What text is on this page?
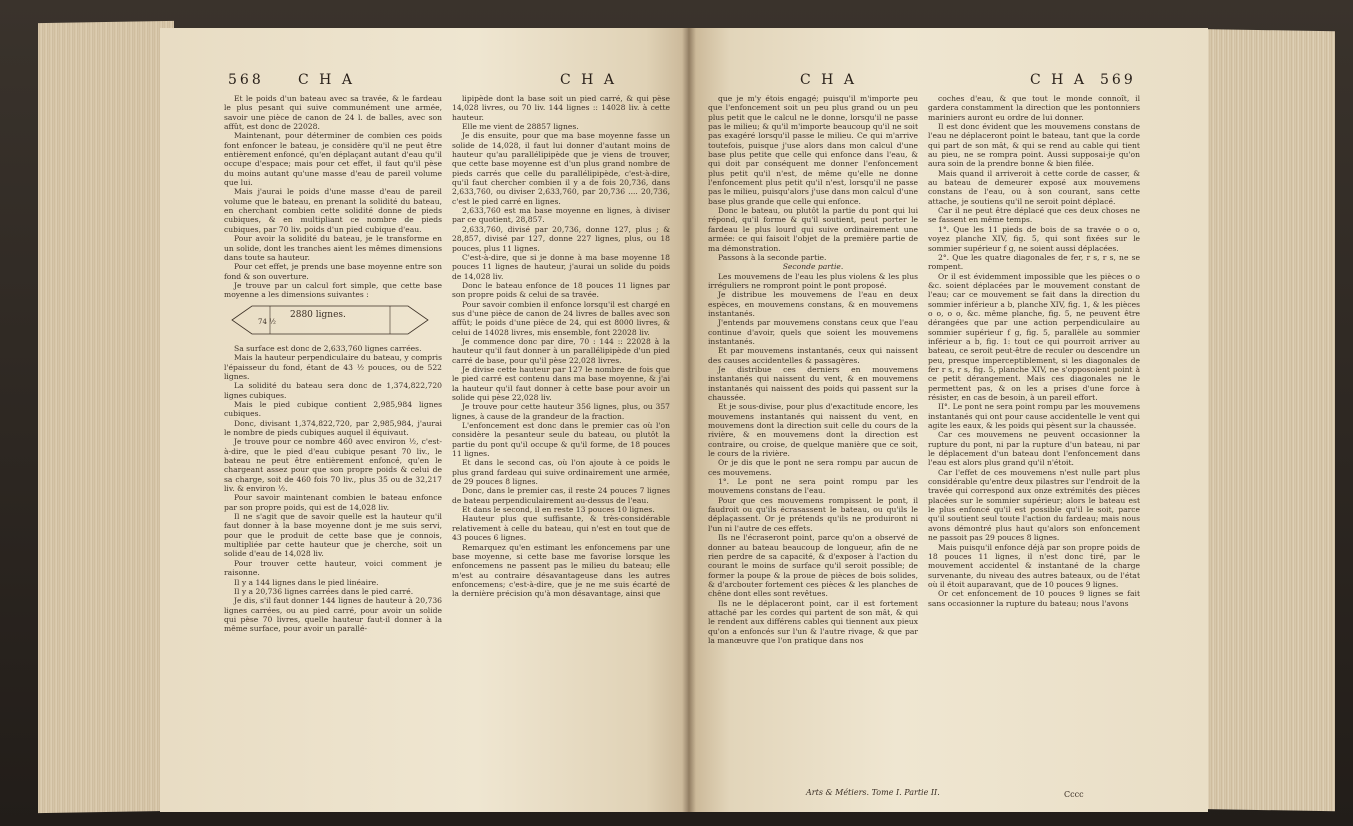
568 C H A	C H A

Et le poids d'un bateau avec sa travée, & le fardeau le plus pesant qui suive communément une armée, savoir une pièce de canon de 24 l. de balles, avec son affût, est donc de 22028.

Maintenant, pour déterminer de combien ces poids font enfoncer le bateau, je considère qu'il ne peut être entièrement enfoncé, qu'en déplaçant autant d'eau qu'il occupe d'espace; mais pour cet effet, il faut qu'il pèse du moins autant qu'une masse d'eau de pareil volume que lui.

Mais j'aurai le poids d'une masse d'eau de pareil volume que le bateau, en prenant la solidité du bateau, en cherchant combien cette solidité donne de pieds cubiques, & en multipliant ce nombre de pieds cubiques, par 70 liv. poids d'un pied cubique d'eau.

Pour avoir la solidité du bateau, je le transforme en un solide, dont les tranches aient les mêmes dimensions dans toute sa hauteur.

Pour cet effet, je prends une base moyenne entre son fond & son ouverture.

Je trouve par un calcul fort simple, que cette base moyenne a les dimensions suivantes :

2880 lignes.
74 ½

Sa surface est donc de 2,633,760 lignes carrées.

Mais la hauteur perpendiculaire du bateau, y compris l'épaisseur du fond, étant de 43 ½ pouces, ou de 522 lignes.

La solidité du bateau sera donc de 1,374,822,720 lignes cubiques.

Mais le pied cubique contient 2,985,984 lignes cubiques.

Donc, divisant 1,374,822,720, par 2,985,984, j'aurai le nombre de pieds cubiques auquel il équivaut.

Je trouve pour ce nombre 460 avec environ ½, c'est-à-dire, que le pied d'eau cubique pesant 70 liv., le bateau ne peut être entièrement enfoncé, qu'en le chargeant assez pour que son propre poids & celui de sa charge, soit de 460 fois 70 liv., plus 35 ou de 32,217 liv. & environ ½.

Pour savoir maintenant combien le bateau enfonce par son propre poids, qui est de 14,028 liv.

Il ne s'agit que de savoir quelle est la hauteur qu'il faut donner à la base moyenne dont je me suis servi, pour que le produit de cette base que je connois, multipliée par cette hauteur que je cherche, soit un solide d'eau de 14,028 liv.

Pour trouver cette hauteur, voici comment je raisonne.

Il y a 144 lignes dans le pied linéaire.

Il y a 20,736 lignes carrées dans le pied carré.

Je dis, s'il faut donner 144 lignes de hauteur à 20,736 lignes carrées, ou au pied carré, pour avoir un solide qui pèse 70 livres, quelle hauteur faut-il donner à la même surface, pour avoir un parallé-

lipipède dont la base soit un pied carré, & qui pèse 14,028 livres, ou 70 liv. 144 lignes :: 14028 liv. à cette hauteur.

Elle me vient de 28857 lignes.

Je dis ensuite, pour que ma base moyenne fasse un solide de 14,028, il faut lui donner d'autant moins de hauteur qu'au parallélipipède que je viens de trouver, que cette base moyenne est d'un plus grand nombre de pieds carrés que celle du parallélipipède, c'est-à-dire, qu'il faut chercher combien il y a de fois 20,736, dans 2,633,760, ou diviser 2,633,760, par 20,736 .... 20,736, c'est le pied carré en lignes.

2,633,760 est ma base moyenne en lignes, à diviser par ce quotient, 28,857.

2,633,760, divisé par 20,736, donne 127, plus ; & 28,857, divisé par 127, donne 227 lignes, plus, ou 18 pouces, plus 11 lignes.

C'est-à-dire, que si je donne à ma base moyenne 18 pouces 11 lignes de hauteur, j'aurai un solide du poids de 14,028 liv.

Donc le bateau enfonce de 18 pouces 11 lignes par son propre poids & celui de sa travée.

Pour savoir combien il enfonce lorsqu'il est chargé en sus d'une pièce de canon de 24 livres de balles avec son affût; le poids d'une pièce de 24, qui est 8000 livres, & celui de 14028 livres, mis ensemble, font 22028 liv.

Je commence donc par dire, 70 : 144 :: 22028 à la hauteur qu'il faut donner à un parallélipipède d'un pied carré de base, pour qu'il pèse 22,028 livres.

Je divise cette hauteur par 127 le nombre de fois que le pied carré est contenu dans ma base moyenne, & j'ai la hauteur qu'il faut donner à cette base pour avoir un solide qui pèse 22,028 liv.

Je trouve pour cette hauteur 356 lignes, plus, ou 357 lignes, à cause de la grandeur de la fraction.

L'enfoncement est donc dans le premier cas où l'on considère la pesanteur seule du bateau, ou plutôt la partie du pont qu'il occupe & qu'il forme, de 18 pouces 11 lignes.

Et dans le second cas, où l'on ajoute à ce poids le plus grand fardeau qui suive ordinairement une armée, de 29 pouces 8 lignes.

Donc, dans le premier cas, il reste 24 pouces 7 lignes de bateau perpendiculairement au-dessus de l'eau.

Et dans le second, il en reste 13 pouces 10 lignes.

Hauteur plus que suffisante, & très-considérable relativement à celle du bateau, qui n'est en tout que de 43 pouces 6 lignes.

Remarquez qu'en estimant les enfoncemens par une base moyenne, si cette base me favorise lorsque les enfoncemens ne passent pas le milieu du bateau; elle m'est au contraire désavantageuse dans les autres enfoncemens; c'est-à-dire, que je ne me suis écarté de la dernière précision qu'à mon désavantage, ainsi que

C H A	C H A 569

que je m'y étois engagé; puisqu'il m'importe peu que l'enfoncement soit un peu plus grand ou un peu plus petit que le calcul ne le donne, lorsqu'il ne passe pas le milieu; & qu'il m'importe beaucoup qu'il ne soit pas exagéré lorsqu'il passe le milieu. Ce qui m'arrive toutefois, puisque j'use alors dans mon calcul d'une base plus petite que celle qui enfonce dans l'eau, & qui doit par conséquent me donner l'enfoncement plus petit qu'il n'est, de même qu'elle ne donne l'enfoncement plus petit qu'il n'est, lorsqu'il ne passe pas le milieu, puisqu'alors j'use dans mon calcul d'une base plus grande que celle qui enfonce.

Donc le bateau, ou plutôt la partie du pont qui lui répond, qu'il forme & qu'il soutient, peut porter le fardeau le plus lourd qui suive ordinairement une armée: ce qui faisoit l'objet de la première partie de ma démonstration.

Passons à la seconde partie.

Seconde partie.

Les mouvemens de l'eau les plus violens & les plus irréguliers ne rompront point le pont proposé.

Je distribue les mouvemens de l'eau en deux espèces, en mouvemens constans, & en mouvemens instantanés.

J'entends par mouvemens constans ceux que l'eau continue d'avoir, quels que soient les mouvemens instantanés.

Et par mouvemens instantanés, ceux qui naissent des causes accidentelles & passagères.

Je distribue ces derniers en mouvemens instantanés qui naissent du vent, & en mouvemens instantanés qui naissent des poids qui passent sur la chaussée.

Et je sous-divise, pour plus d'exactitude encore, les mouvemens instantanés qui naissent du vent, en mouvemens dont la direction suit celle du cours de la rivière, & en mouvemens dont la direction est contraire, ou croise, de quelque manière que ce soit, le cours de la rivière.

Or je dis que le pont ne sera rompu par aucun de ces mouvemens.

1°. Le pont ne sera point rompu par les mouvemens constans de l'eau.

Pour que ces mouvemens rompissent le pont, il faudroit ou qu'ils écrasassent le bateau, ou qu'ils le déplaçassent. Or je prétends qu'ils ne produiront ni l'un ni l'autre de ces effets.

Ils ne l'écraseront point, parce qu'on a observé de donner au bateau beaucoup de longueur, afin de ne rien perdre de sa capacité, & d'exposer à l'action du courant le moins de surface qu'il seroit possible; de former la poupe & la proue de pièces de bois solides, & d'arcbouter fortement ces pièces & les planches de chêne dont elles sont revêtues.

Ils ne le déplaceront point, car il est fortement attaché par les cordes qui partent de son mât, & qui le rendent aux différens cables qui tiennent aux pieux qu'on a enfoncés sur l'un & l'autre rivage, & que par la manœuvre que l'on pratique dans nos

coches d'eau, & que tout le monde connoît, il gardera constamment la direction que les pontonniers mariniers auront eu ordre de lui donner.

Il est donc évident que les mouvemens constans de l'eau ne déplaceront point le bateau, tant que la corde qui part de son mât, & qui se rend au cable qui tient au pieu, ne se rompra point. Aussi supposai-je qu'on aura soin de la prendre bonne & bien filée.

Mais quand il arriveroit à cette corde de casser, & au bateau de demeurer exposé aux mouvemens constans de l'eau, ou à son courant, sans cette attache, je soutiens qu'il ne seroit point déplacé.

Car il ne peut être déplacé que ces deux choses ne se fassent en même temps.

1°. Que les 11 pieds de bois de sa travée o o o, voyez planche XIV, fig. 5, qui sont fixées sur le sommier supérieur f g, ne soient aussi déplacées.

2°. Que les quatre diagonales de fer, r s, r s, ne se rompent.

Or il est évidemment impossible que les pièces o o &c. soient déplacées par le mouvement constant de l'eau; car ce mouvement se fait dans la direction du sommier inférieur a b, planche XIV, fig. 1, & les pièces o o, o o, &c. même planche, fig. 5, ne peuvent être dérangées que par une action perpendiculaire au sommier supérieur f g, fig. 5, parallèle au sommier inférieur a b, fig. 1: tout ce qui pourroit arriver au bateau, ce seroit peut-être de reculer ou descendre un peu, presque imperceptiblement, si les diagonales de fer r s, r s, fig. 5, planche XIV, ne s'opposoient point à ce petit dérangement. Mais ces diagonales ne le permettent pas, & on les a prises d'une force à résister, en cas de besoin, à un pareil effort.

II°. Le pont ne sera point rompu par les mouvemens instantanés qui ont pour cause accidentelle le vent qui agite les eaux, & les poids qui pèsent sur la chaussée.

Car ces mouvemens ne peuvent occasionner la rupture du pont, ni par la rupture d'un bateau, ni par le déplacement d'un bateau dont l'enfoncement dans l'eau est alors plus grand qu'il n'étoit.

Car l'effet de ces mouvemens n'est nulle part plus considérable qu'entre deux pilastres sur l'endroit de la travée qui correspond aux onze extrémités des pièces placées sur le sommier supérieur; alors le bateau est le plus enfoncé qu'il est possible qu'il le soit, parce qu'il soutient seul toute l'action du fardeau; mais nous avons démontré plus haut qu'alors son enfoncement ne passoit pas 29 pouces 8 lignes.

Mais puisqu'il enfonce déjà par son propre poids de 18 pouces 11 lignes, il n'est donc tiré, par le mouvement accidentel & instantané de la charge survenante, du niveau des autres bateaux, ou de l'état où il étoit auparavant, que de 10 pouces 9 lignes.

Or cet enfoncement de 10 pouces 9 lignes se fait sans occasionner la rupture du bateau; nous l'avons

Arts & Métiers. Tome I. Partie II.	Cccc
